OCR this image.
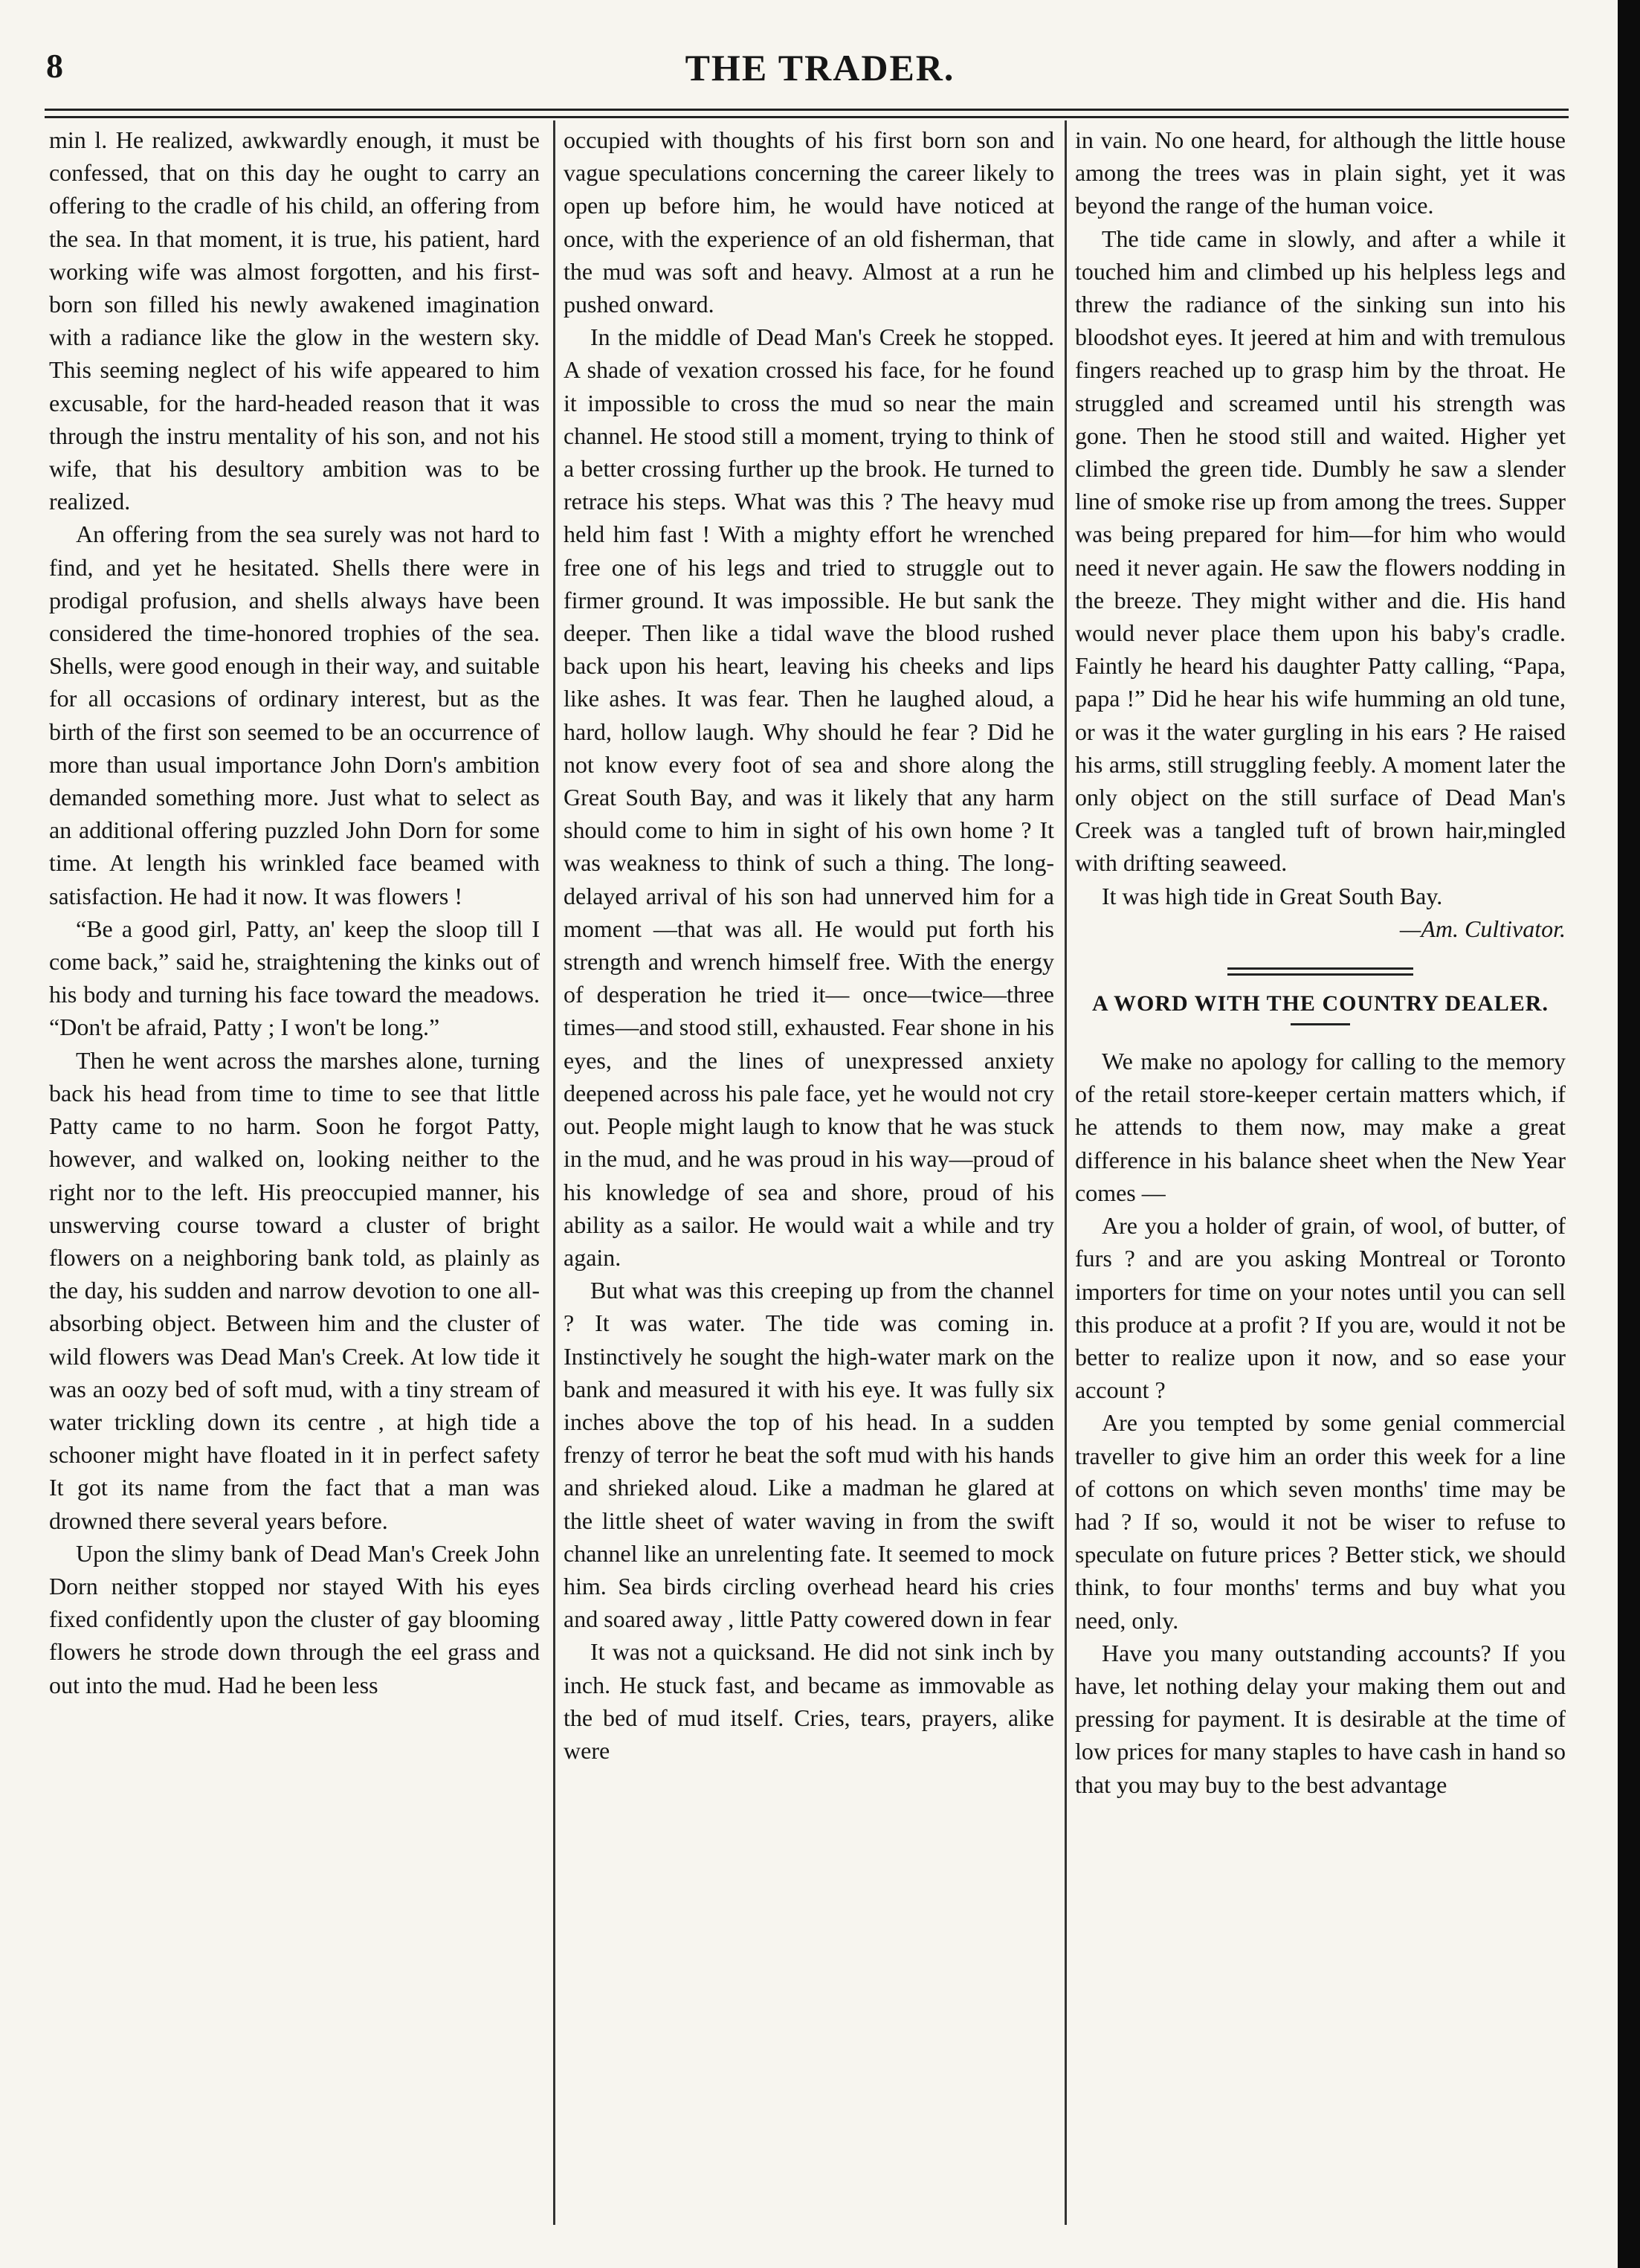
8	THE TRADER.

min l. He realized, awkwardly enough, it must be confessed, that on this day he ought to carry an offering to the cradle of his child, an offering from the sea. In that moment, it is true, his patient, hard working wife was almost forgotten, and his first-born son filled his newly awakened imagination with a radiance like the glow in the western sky. This seeming neglect of his wife appeared to him excusable, for the hard-headed reason that it was through the instru mentality of his son, and not his wife, that his desultory ambition was to be realized.

An offering from the sea surely was not hard to find, and yet he hesitated. Shells there were in prodigal profusion, and shells always have been considered the time-honored trophies of the sea. Shells, were good enough in their way, and suitable for all occasions of ordinary interest, but as the birth of the first son seemed to be an occurrence of more than usual importance John Dorn's ambition demanded something more. Just what to select as an additional offering puzzled John Dorn for some time. At length his wrinkled face beamed with satisfaction. He had it now. It was flowers !

“Be a good girl, Patty, an' keep the sloop till I come back,” said he, straightening the kinks out of his body and turning his face toward the meadows. “Don't be afraid, Patty ; I won't be long.”

Then he went across the marshes alone, turning back his head from time to time to see that little Patty came to no harm. Soon he forgot Patty, however, and walked on, looking neither to the right nor to the left. His preoccupied manner, his unswerving course toward a cluster of bright flowers on a neighboring bank told, as plainly as the day, his sudden and narrow devotion to one all-absorbing object. Between him and the cluster of wild flowers was Dead Man's Creek. At low tide it was an oozy bed of soft mud, with a tiny stream of water trickling down its centre , at high tide a schooner might have floated in it in perfect safety It got its name from the fact that a man was drowned there several years before.

Upon the slimy bank of Dead Man's Creek John Dorn neither stopped nor stayed With his eyes fixed confidently upon the cluster of gay blooming flowers he strode down through the eel grass and out into the mud. Had he been less

occupied with thoughts of his first born son and vague speculations concerning the career likely to open up before him, he would have noticed at once, with the experience of an old fisherman, that the mud was soft and heavy. Almost at a run he pushed onward.

In the middle of Dead Man's Creek he stopped. A shade of vexation crossed his face, for he found it impossible to cross the mud so near the main channel. He stood still a moment, trying to think of a better crossing further up the brook. He turned to retrace his steps. What was this ? The heavy mud held him fast ! With a mighty effort he wrenched free one of his legs and tried to struggle out to firmer ground. It was impossible. He but sank the deeper. Then like a tidal wave the blood rushed back upon his heart, leaving his cheeks and lips like ashes. It was fear. Then he laughed aloud, a hard, hollow laugh. Why should he fear ? Did he not know every foot of sea and shore along the Great South Bay, and was it likely that any harm should come to him in sight of his own home ? It was weakness to think of such a thing. The long-delayed arrival of his son had unnerved him for a moment —that was all. He would put forth his strength and wrench himself free. With the energy of desperation he tried it— once—twice—three times—and stood still, exhausted. Fear shone in his eyes, and the lines of unexpressed anxiety deepened across his pale face, yet he would not cry out. People might laugh to know that he was stuck in the mud, and he was proud in his way—proud of his knowledge of sea and shore, proud of his ability as a sailor. He would wait a while and try again.

But what was this creeping up from the channel ? It was water. The tide was coming in. Instinctively he sought the high-water mark on the bank and measured it with his eye. It was fully six inches above the top of his head. In a sudden frenzy of terror he beat the soft mud with his hands and shrieked aloud. Like a madman he glared at the little sheet of water waving in from the swift channel like an unrelenting fate. It seemed to mock him. Sea birds circling overhead heard his cries and soared away , little Patty cowered down in fear

It was not a quicksand. He did not sink inch by inch. He stuck fast, and became as immovable as the bed of mud itself. Cries, tears, prayers, alike were

in vain. No one heard, for although the little house among the trees was in plain sight, yet it was beyond the range of the human voice.

The tide came in slowly, and after a while it touched him and climbed up his helpless legs and threw the radiance of the sinking sun into his bloodshot eyes. It jeered at him and with tremulous fingers reached up to grasp him by the throat. He struggled and screamed until his strength was gone. Then he stood still and waited. Higher yet climbed the green tide. Dumbly he saw a slender line of smoke rise up from among the trees. Supper was being prepared for him—for him who would need it never again. He saw the flowers nodding in the breeze. They might wither and die. His hand would never place them upon his baby's cradle. Faintly he heard his daughter Patty calling, “Papa, papa !” Did he hear his wife humming an old tune, or was it the water gurgling in his ears ? He raised his arms, still struggling feebly. A moment later the only object on the still surface of Dead Man's Creek was a tangled tuft of brown hair,mingled with drifting seaweed.

It was high tide in Great South Bay.

—Am. Cultivator.
A WORD WITH THE COUNTRY DEALER.

We make no apology for calling to the memory of the retail store-keeper certain matters which, if he attends to them now, may make a great difference in his balance sheet when the New Year comes —

Are you a holder of grain, of wool, of butter, of furs ? and are you asking Montreal or Toronto importers for time on your notes until you can sell this produce at a profit ? If you are, would it not be better to realize upon it now, and so ease your account ?

Are you tempted by some genial commercial traveller to give him an order this week for a line of cottons on which seven months' time may be had ? If so, would it not be wiser to refuse to speculate on future prices ? Better stick, we should think, to four months' terms and buy what you need, only.

Have you many outstanding accounts? If you have, let nothing delay your making them out and pressing for payment. It is desirable at the time of low prices for many staples to have cash in hand so that you may buy to the best advantage
